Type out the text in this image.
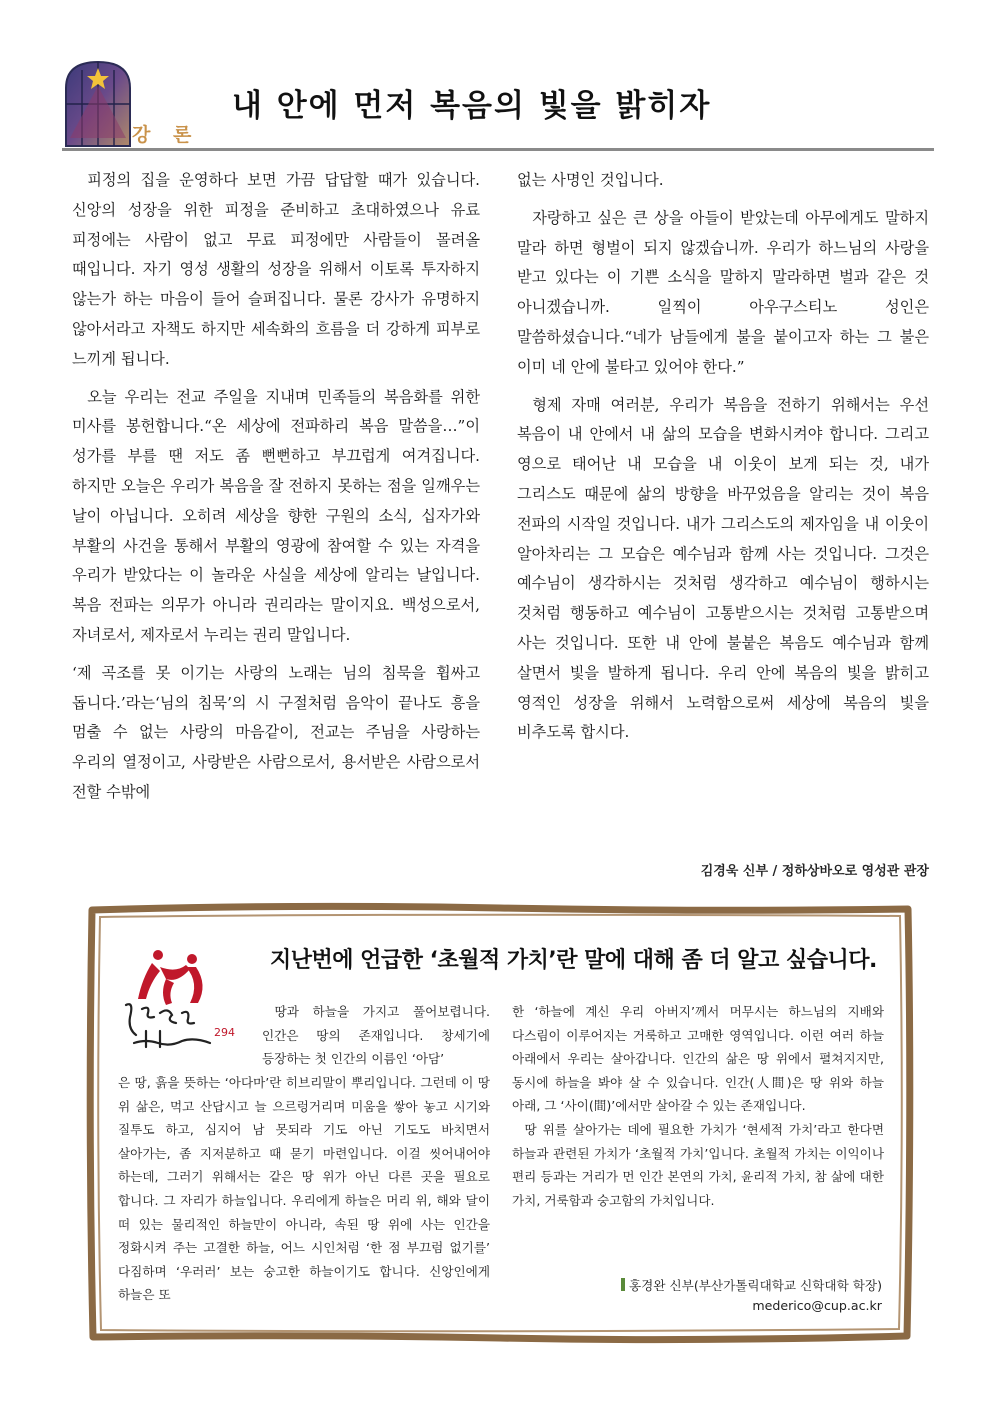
강 론
내 안에 먼저 복음의 빛을 밝히자

피정의 집을 운영하다 보면 가끔 답답할 때가 있습니다. 신앙의 성장을 위한 피정을 준비하고 초대하였으나 유료 피정에는 사람이 없고 무료 피정에만 사람들이 몰려올 때입니다. 자기 영성 생활의 성장을 위해서 이토록 투자하지 않는가 하는 마음이 들어 슬퍼집니다. 물론 강사가 유명하지 않아서라고 자책도 하지만 세속화의 흐름을 더 강하게 피부로 느끼게 됩니다.

오늘 우리는 전교 주일을 지내며 민족들의 복음화를 위한 미사를 봉헌합니다.“온 세상에 전파하리 복음 말씀을…”이 성가를 부를 땐 저도 좀 뻔뻔하고 부끄럽게 여겨집니다. 하지만 오늘은 우리가 복음을 잘 전하지 못하는 점을 일깨우는 날이 아닙니다. 오히려 세상을 향한 구원의 소식, 십자가와 부활의 사건을 통해서 부활의 영광에 참여할 수 있는 자격을 우리가 받았다는 이 놀라운 사실을 세상에 알리는 날입니다. 복음 전파는 의무가 아니라 권리라는 말이지요. 백성으로서, 자녀로서, 제자로서 누리는 권리 말입니다.

‘제 곡조를 못 이기는 사랑의 노래는 님의 침묵을 휩싸고 돕니다.’라는‘님의 침묵’의 시 구절처럼 음악이 끝나도 흥을 멈출 수 없는 사랑의 마음같이, 전교는 주님을 사랑하는 우리의 열정이고, 사랑받은 사람으로서, 용서받은 사람으로서 전할 수밖에

없는 사명인 것입니다.

자랑하고 싶은 큰 상을 아들이 받았는데 아무에게도 말하지 말라 하면 형벌이 되지 않겠습니까. 우리가 하느님의 사랑을 받고 있다는 이 기쁜 소식을 말하지 말라하면 벌과 같은 것 아니겠습니까. 일찍이 아우구스티노 성인은 말씀하셨습니다.“네가 남들에게 불을 붙이고자 하는 그 불은 이미 네 안에 불타고 있어야 한다.”

형제 자매 여러분, 우리가 복음을 전하기 위해서는 우선 복음이 내 안에서 내 삶의 모습을 변화시켜야 합니다. 그리고 영으로 태어난 내 모습을 내 이웃이 보게 되는 것, 내가 그리스도 때문에 삶의 방향을 바꾸었음을 알리는 것이 복음 전파의 시작일 것입니다. 내가 그리스도의 제자임을 내 이웃이 알아차리는 그 모습은 예수님과 함께 사는 것입니다. 그것은 예수님이 생각하시는 것처럼 생각하고 예수님이 행하시는 것처럼 행동하고 예수님이 고통받으시는 것처럼 고통받으며 사는 것입니다. 또한 내 안에 불붙은 복음도 예수님과 함께 살면서 빛을 발하게 됩니다. 우리 안에 복음의 빛을 밝히고 영적인 성장을 위해서 노력함으로써 세상에 복음의 빛을 비추도록 합시다.

김경욱 신부 / 정하상바오로 영성관 관장
294
지난번에 언급한 ‘초월적 가치’란 말에 대해 좀 더 알고 싶습니다.

땅과 하늘을 가지고 풀어보렵니다. 인간은 땅의 존재입니다. 창세기에 등장하는 첫 인간의 이름인 ‘아담’

은 땅, 흙을 뜻하는 ‘아다마’란 히브리말이 뿌리입니다. 그런데 이 땅 위 삶은, 먹고 산답시고 늘 으르렁거리며 미움을 쌓아 놓고 시기와 질투도 하고, 심지어 남 못되라 기도 아닌 기도도 바치면서 살아가는, 좀 지저분하고 때 묻기 마련입니다. 이걸 씻어내어야 하는데, 그러기 위해서는 같은 땅 위가 아닌 다른 곳을 필요로 합니다. 그 자리가 하늘입니다. 우리에게 하늘은 머리 위, 해와 달이 떠 있는 물리적인 하늘만이 아니라, 속된 땅 위에 사는 인간을 정화시켜 주는 고결한 하늘, 어느 시인처럼 ‘한 점 부끄럼 없기를’ 다짐하며 ‘우러러’ 보는 숭고한 하늘이기도 합니다. 신앙인에게 하늘은 또

한 ‘하늘에 계신 우리 아버지’께서 머무시는 하느님의 지배와 다스림이 이루어지는 거룩하고 고매한 영역입니다. 이런 여러 하늘 아래에서 우리는 살아갑니다. 인간의 삶은 땅 위에서 펼쳐지지만, 동시에 하늘을 봐야 살 수 있습니다. 인간(人間)은 땅 위와 하늘 아래, 그 ‘사이(間)’에서만 살아갈 수 있는 존재입니다.

땅 위를 살아가는 데에 필요한 가치가 ‘현세적 가치’라고 한다면 하늘과 관련된 가치가 ‘초월적 가치’입니다. 초월적 가치는 이익이나 편리 등과는 거리가 먼 인간 본연의 가치, 윤리적 가치, 참 삶에 대한 가치, 거룩함과 숭고함의 가치입니다.

홍경완 신부(부산가톨릭대학교 신학대학 학장)
mederico@cup.ac.kr
